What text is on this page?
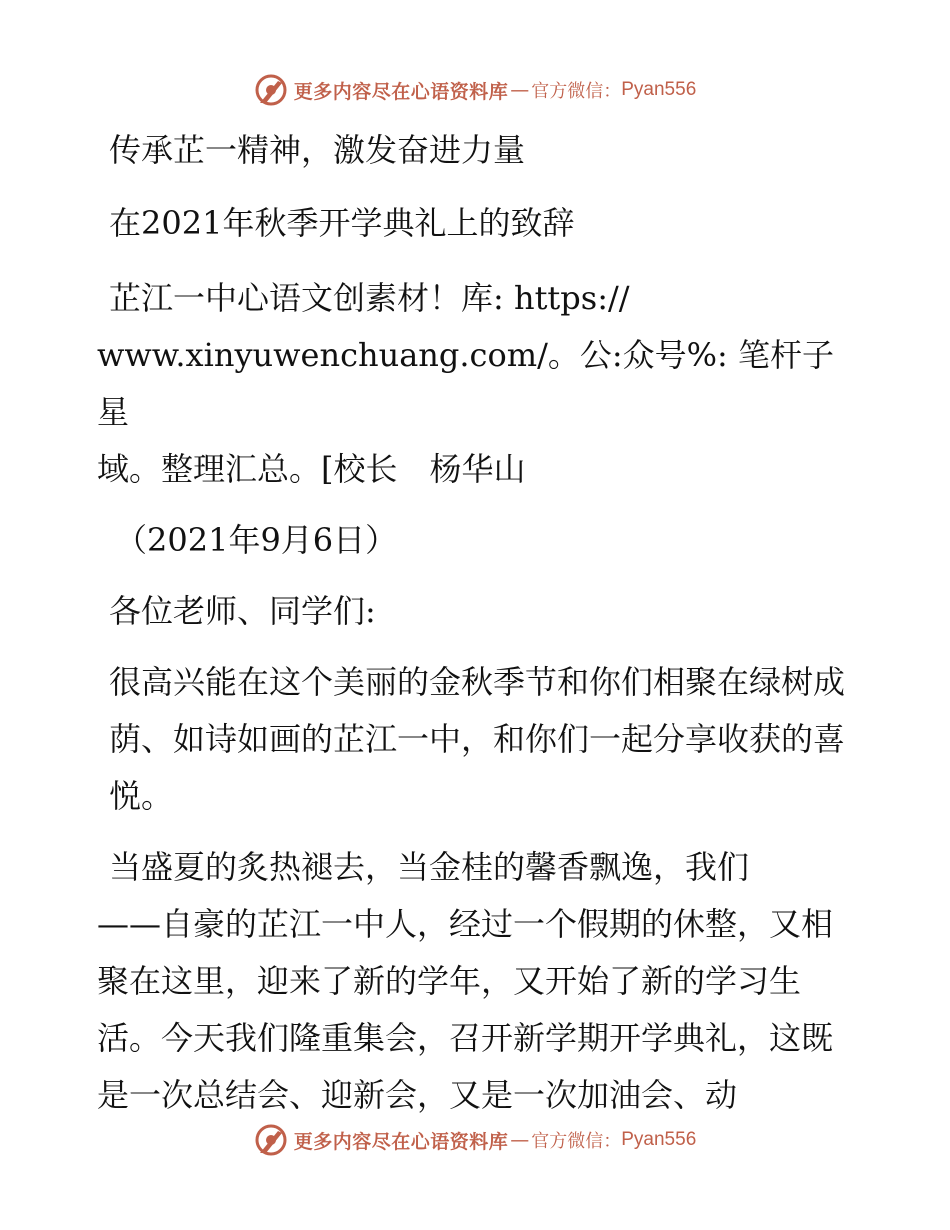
更多内容尽在心语资料库 — 官方微信： Pyan556
传承芷一精神，激发奋进力量
在2021年秋季开学典礼上的致辞
芷江一中心语文创素材！库: https://
www.xinyuwenchuang.com/。公:众号%: 笔杆子星
域。整理汇总。[校长　杨华山
（2021年9月6日）
各位老师、同学们:
很高兴能在这个美丽的金秋季节和你们相聚在绿树成荫、如诗如画的芷江一中，和你们一起分享收获的喜悦。
当盛夏的炙热褪去，当金桂的馨香飘逸，我们
——自豪的芷江一中人，经过一个假期的休整，又相聚在这里，迎来了新的学年，又开始了新的学习生活。今天我们隆重集会，召开新学期开学典礼，这既是一次总结会、迎新会，又是一次加油会、动
更多内容尽在心语资料库 — 官方微信： Pyan556
